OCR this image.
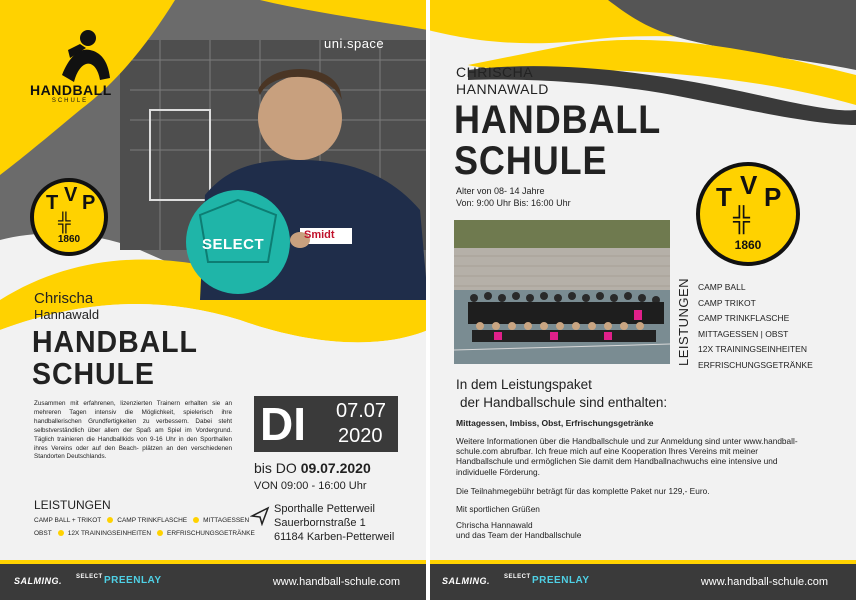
uni.space
HANDBALL
SCHULE
T V P
╬
1860	SELECT
Smidt
Chrischa
Hannawald
HANDBALL
SCHULE
Zusammen mit erfahrenen, lizenzierten Trainern erhalten sie an mehreren Tagen intensiv die Möglichkeit, spielerisch ihre handballerischen Grundfertigkeiten zu verbessern. Dabei steht selbstverständlich über allem der Spaß am Spiel im Vordergrund. Täglich trainieren die Handballkids von 9-16 Uhr in den Sporthallen ihres Vereins oder auf den Beach- plätzen an den verschiedenen Standorten Deutschlands.
LEISTUNGEN
CAMP BALL + TRIKOT CAMP TRINKFLASCHE MITTAGESSEN
OBST 12X TRAININGSEINHEITEN ERFRISCHUNGSGETRÄNKE
DI 07.07
2020
bis DO 09.07.2020
VON 09:00 - 16:00 Uhr
Sporthalle Petterweil
Sauerbornstraße 1
61184 Karben-Petterweil
SALMING. SELECT PREENLAY	www.handball-schule.com
CHRISCHA
HANNAWALD
HANDBALL
SCHULE
Alter von 08- 14 Jahre
Von: 9:00 Uhr Bis: 16:00 Uhr	T V P
╬
1860
LEISTUNGEN CAMP BALL
CAMP TRIKOT
CAMP TRINKFLASCHE
MITTAGESSEN | OBST
12X TRAININGSEINHEITEN
ERFRISCHUNGSGETRÄNKE
In dem Leistungspaket
der Handballschule sind enthalten:
Mittagessen, Imbiss, Obst, Erfrischungsgetränke
Weitere Informationen über die Handballschule und zur Anmeldung sind unter www.handball-schule.com abrufbar. Ich freue mich auf eine Kooperation Ihres Vereins mit meiner Handballschule und ermöglichen Sie damit dem Handballnachwuchs eine intensive und individuelle Förderung.
Die Teilnahmegebühr beträgt für das komplette Paket nur 129,- Euro.
Mit sportlichen Grüßen
Chrischa Hannawald
und das Team der Handballschule
SALMING. SELECT PREENLAY	www.handball-schule.com
